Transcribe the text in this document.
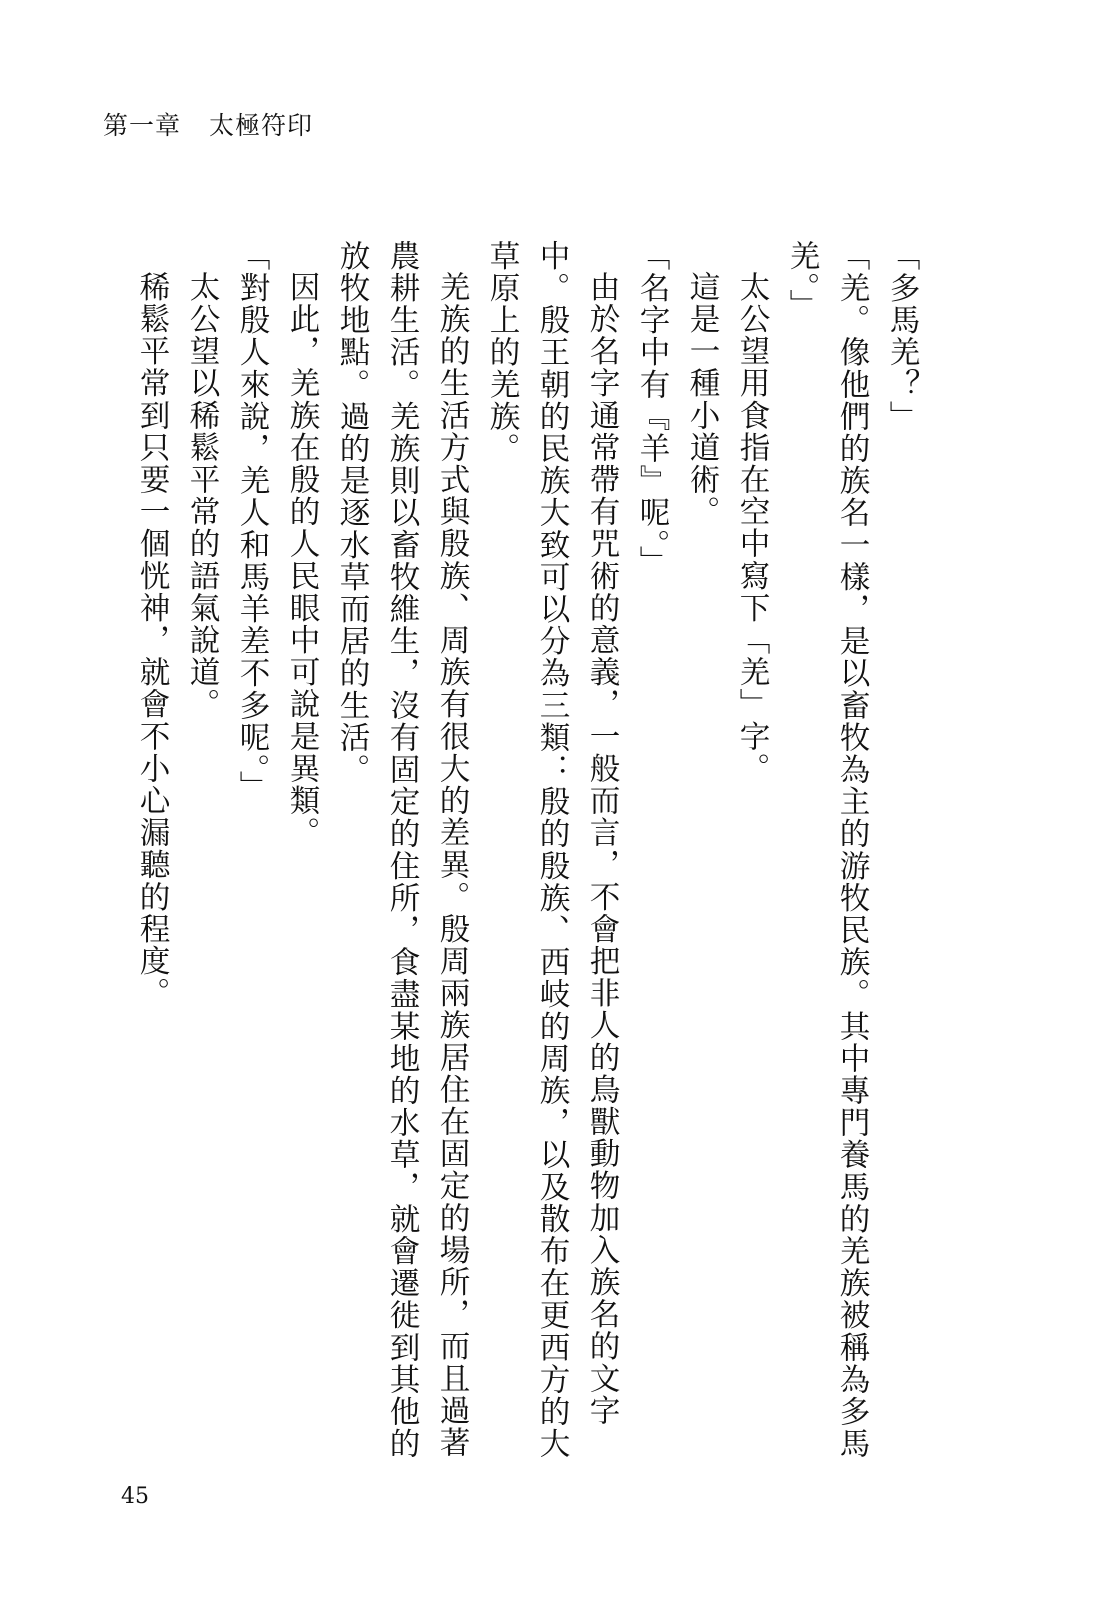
第一章 太極符印

「多馬羌？」

「羌。像他們的族名一樣，是以畜牧為主的游牧民族。其中專門養馬的羌族被稱為多馬羌。」

太公望用食指在空中寫下「羌」字。

這是一種小道術。

「名字中有『羊』呢。」

由於名字通常帶有咒術的意義，一般而言，不會把非人的鳥獸動物加入族名的文字中。殷王朝的民族大致可以分為三類：殷的殷族、西岐的周族，以及散布在更西方的大草原上的羌族。

羌族的生活方式與殷族、周族有很大的差異。殷周兩族居住在固定的場所，而且過著農耕生活。羌族則以畜牧維生，沒有固定的住所，食盡某地的水草，就會遷徙到其他的放牧地點。過的是逐水草而居的生活。

因此，羌族在殷的人民眼中可說是異類。

「對殷人來說，羌人和馬羊差不多呢。」

太公望以稀鬆平常的語氣說道。

稀鬆平常到只要一個恍神，就會不小心漏聽的程度。

45
